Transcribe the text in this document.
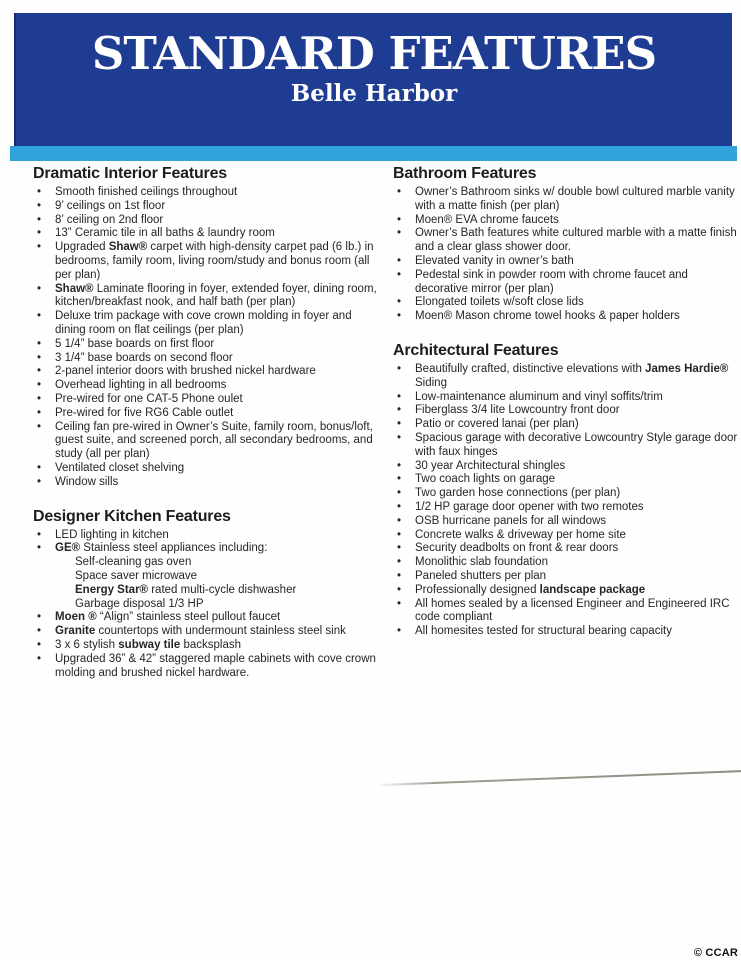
STANDARD FEATURES
Belle Harbor
Dramatic Interior Features
• Smooth finished ceilings throughout
• 9’ ceilings on 1st floor
• 8’ ceiling on 2nd floor
• 13” Ceramic tile in all baths & laundry room
• Upgraded Shaw® carpet with high-density carpet pad (6 lb.) in bedrooms, family room, living room/study and bonus room (all per plan)
• Shaw® Laminate flooring in foyer, extended foyer, dining room, kitchen/breakfast nook, and half bath (per plan)
• Deluxe trim package with cove crown molding in foyer and dining room on flat ceilings (per plan)
• 5 1/4” base boards on first floor
• 3 1/4” base boards on second floor
• 2-panel interior doors with brushed nickel hardware
• Overhead lighting in all bedrooms
• Pre-wired for one CAT-5 Phone oulet
• Pre-wired for five RG6 Cable outlet
• Ceiling fan pre-wired in Owner’s Suite, family room, bonus/loft, guest suite, and screened porch, all secondary bedrooms, and study (all per plan)
• Ventilated closet shelving
• Window sills
Designer Kitchen Features
• LED lighting in kitchen
• GE® Stainless steel appliances including:
Self-cleaning gas oven
Space saver microwave
Energy Star® rated multi-cycle dishwasher
Garbage disposal 1/3 HP
• Moen ® “Align” stainless steel pullout faucet
• Granite countertops with undermount stainless steel sink
• 3 x 6 stylish subway tile backsplash
• Upgraded 36” & 42” staggered maple cabinets with cove crown molding and brushed nickel hardware.
Bathroom Features
• Owner’s Bathroom sinks w/ double bowl cultured marble vanity with a matte finish (per plan)
• Moen® EVA chrome faucets
• Owner’s Bath features white cultured marble with a matte finish and a clear glass shower door.
• Elevated vanity in owner’s bath
• Pedestal sink in powder room with chrome faucet and decorative mirror (per plan)
• Elongated toilets w/soft close lids
• Moen® Mason chrome towel hooks & paper holders
Architectural Features
• Beautifully crafted, distinctive elevations with James Hardie® Siding
• Low-maintenance aluminum and vinyl soffits/trim
• Fiberglass 3/4 lite Lowcountry front door
• Patio or covered lanai (per plan)
• Spacious garage with decorative Lowcountry Style garage door with faux hinges
• 30 year Architectural shingles
• Two coach lights on garage
• Two garden hose connections (per plan)
• 1/2 HP garage door opener with two remotes
• OSB hurricane panels for all windows
• Concrete walks & driveway per home site
• Security deadbolts on front & rear doors
• Monolithic slab foundation
• Paneled shutters per plan
• Professionally designed landscape package
• All homes sealed by a licensed Engineer and Engineered IRC code compliant
• All homesites tested for structural bearing capacity
© CCAR
